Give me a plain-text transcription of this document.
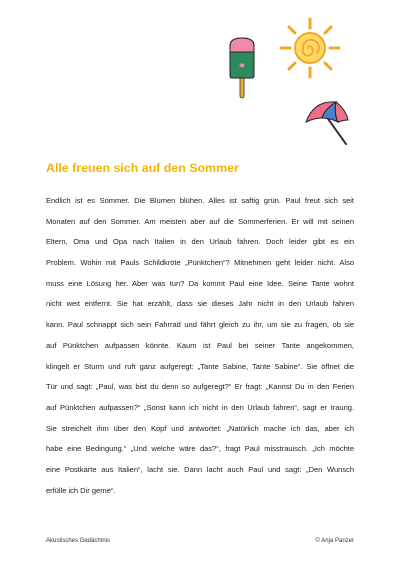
Alle freuen sich auf den Sommer
Endlich ist es Sommer. Die Blumen blühen. Alles ist saftig grün. Paul freut sich seit
Monaten auf den Sommer. Am meisten aber auf die Sommerferien. Er will mit seinen
Eltern, Oma und Opa nach Italien in den Urlaub fahren. Doch leider gibt es ein
Problem. Wohin mit Pauls Schildkröte „Pünktchen“? Mitnehmen geht leider nicht. Also
muss eine Lösung her. Aber was tun? Da kommt Paul eine Idee. Seine Tante wohnt
nicht weit entfernt. Sie hat erzählt, dass sie dieses Jahr nicht in den Urlaub fahren
kann. Paul schnappt sich sein Fahrrad und fährt gleich zu ihr, um sie zu fragen, ob sie
auf Pünktchen aufpassen könnte. Kaum ist Paul bei seiner Tante angekommen,
klingelt er Sturm und ruft ganz aufgeregt: „Tante Sabine, Tante Sabine“. Sie öffnet die
Tür und sagt: „Paul, was bist du denn so aufgeregt?“ Er fragt: „Kannst Du in den Ferien
auf Pünktchen aufpassen?“ „Sonst kann ich nicht in den Urlaub fahren“, sagt er traurig.
Sie streichelt ihm über den Kopf und antwortet: „Natürlich mache ich das, aber ich
habe eine Bedingung.“ „Und welche wäre das?“, fragt Paul misstrauisch. „Ich möchte
eine Postkarte aus Italien“, lacht sie. Dann lacht auch Paul und sagt: „Den Wunsch
erfülle ich Dir gerne“.
Akustisches Gedächtnis	© Anja Panzer
